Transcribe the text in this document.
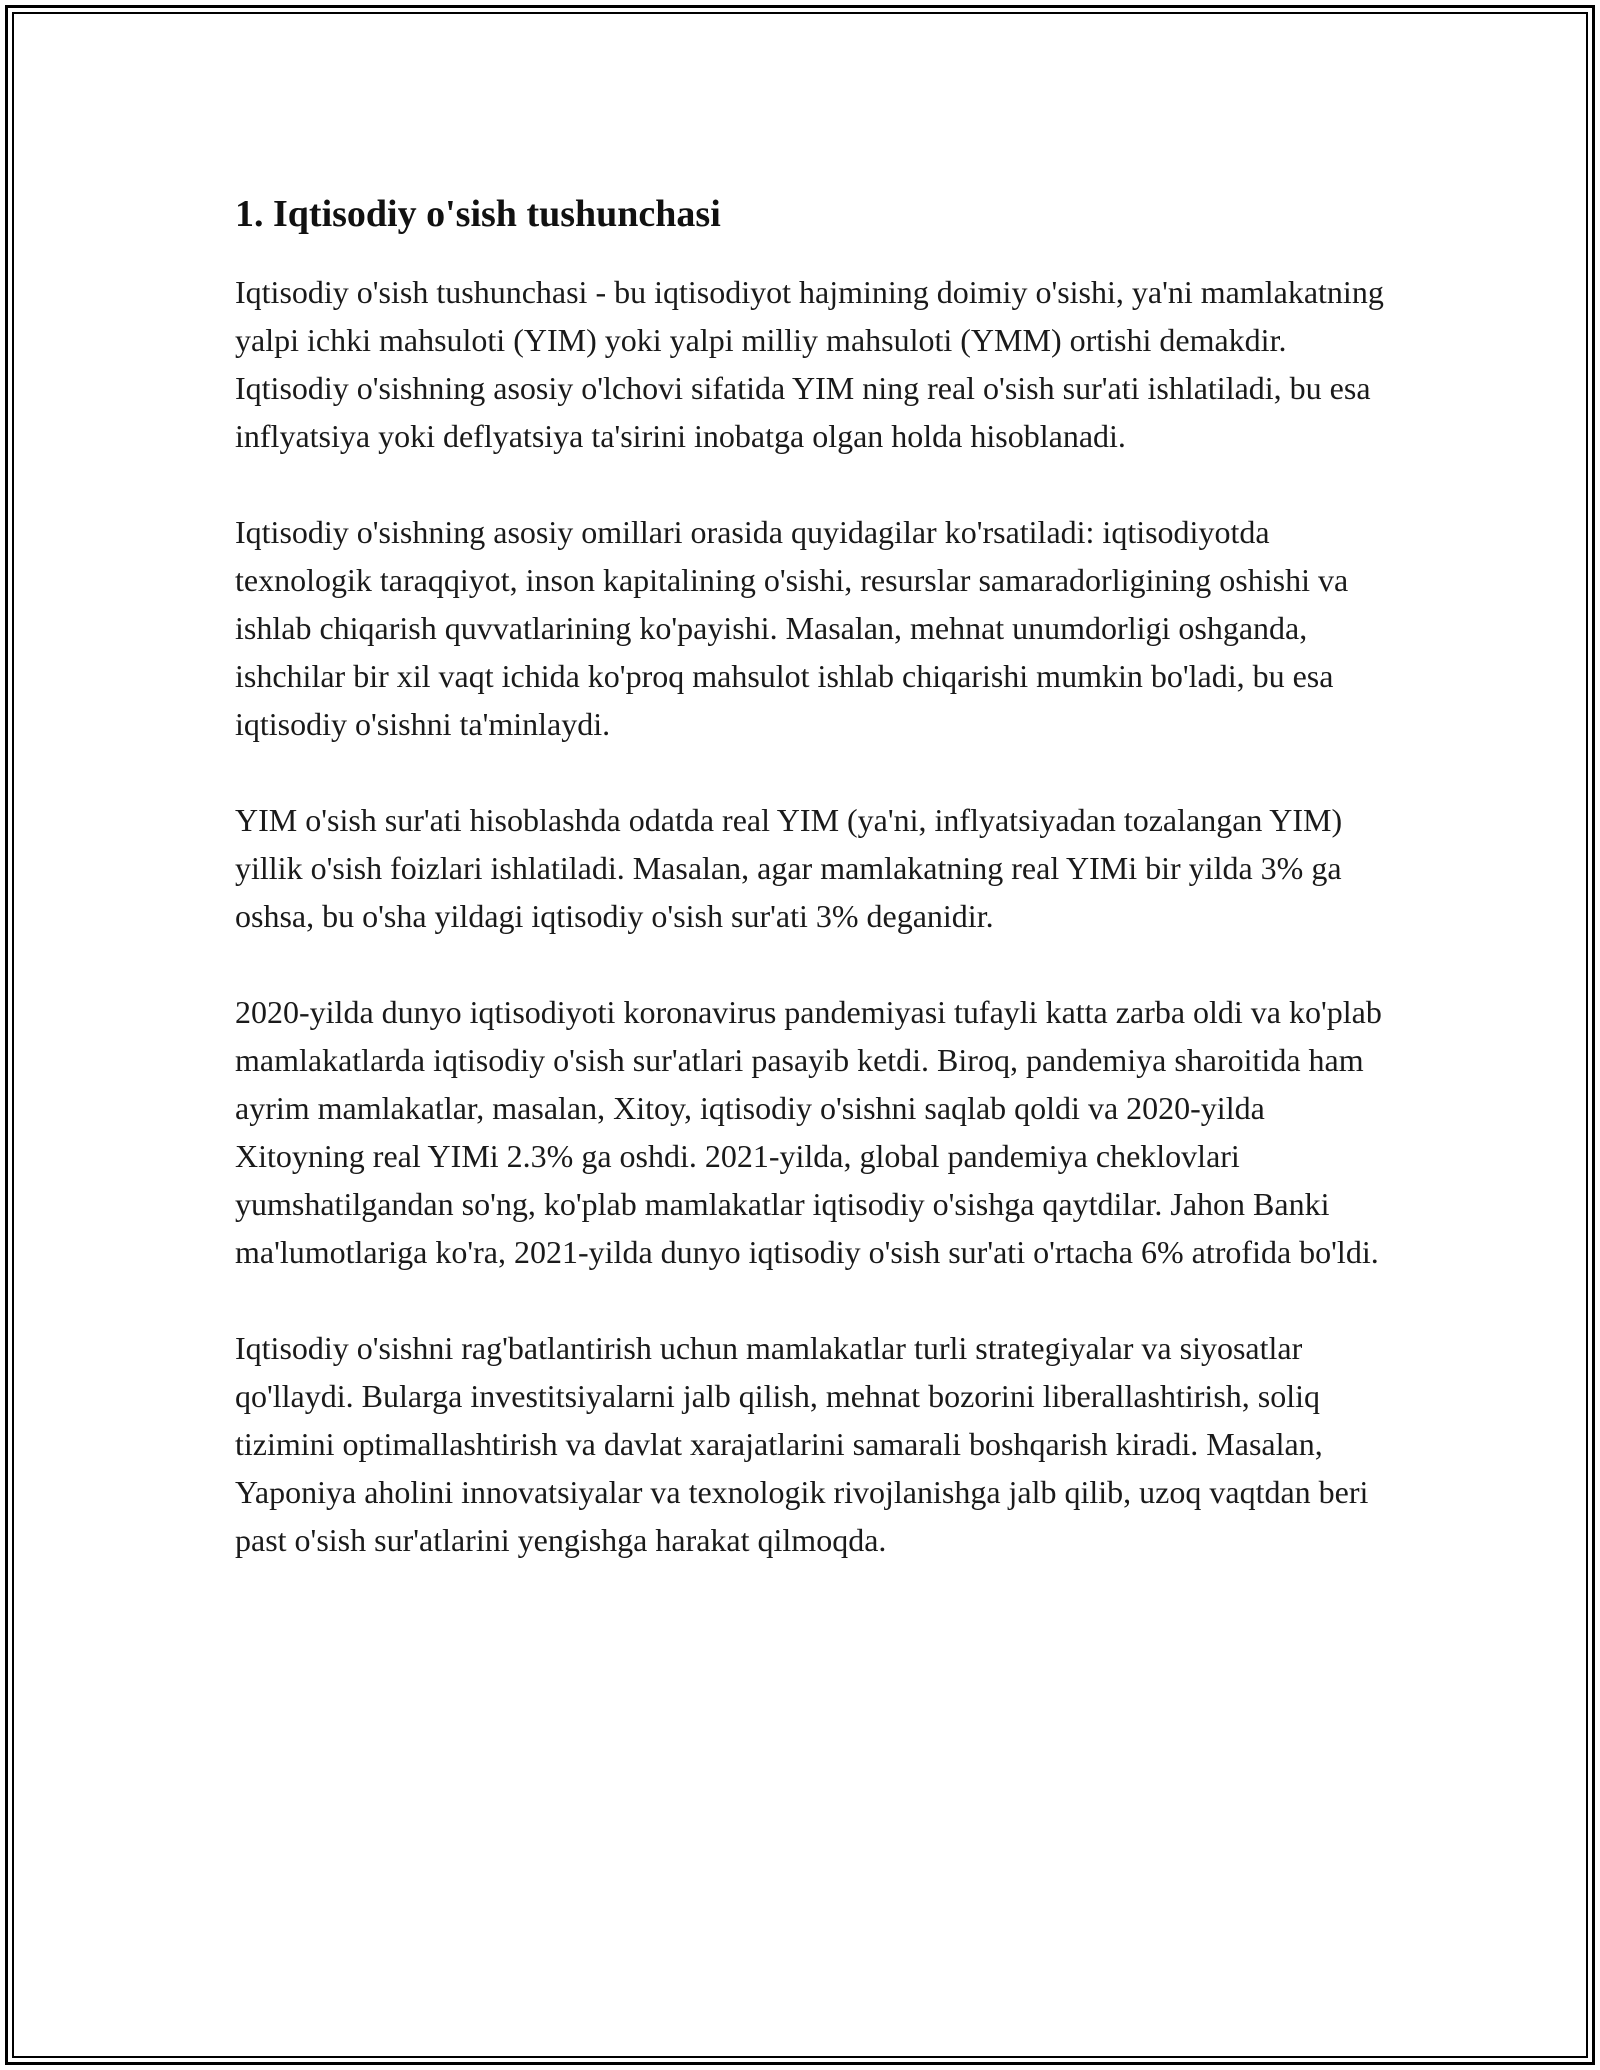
1. Iqtisodiy o'sish tushunchasi

Iqtisodiy o'sish tushunchasi - bu iqtisodiyot hajmining doimiy o'sishi, ya'ni mamlakatning yalpi ichki mahsuloti (YIM) yoki yalpi milliy mahsuloti (YMM) ortishi demakdir. Iqtisodiy o'sishning asosiy o'lchovi sifatida YIM ning real o'sish sur'ati ishlatiladi, bu esa inflyatsiya yoki deflyatsiya ta'sirini inobatga olgan holda hisoblanadi.

Iqtisodiy o'sishning asosiy omillari orasida quyidagilar ko'rsatiladi: iqtisodiyotda texnologik taraqqiyot, inson kapitalining o'sishi, resurslar samaradorligining oshishi va ishlab chiqarish quvvatlarining ko'payishi. Masalan, mehnat unumdorligi oshganda, ishchilar bir xil vaqt ichida ko'proq mahsulot ishlab chiqarishi mumkin bo'ladi, bu esa iqtisodiy o'sishni ta'minlaydi.

YIM o'sish sur'ati hisoblashda odatda real YIM (ya'ni, inflyatsiyadan tozalangan YIM) yillik o'sish foizlari ishlatiladi. Masalan, agar mamlakatning real YIMi bir yilda 3% ga oshsa, bu o'sha yildagi iqtisodiy o'sish sur'ati 3% deganidir.

2020-yilda dunyo iqtisodiyoti koronavirus pandemiyasi tufayli katta zarba oldi va ko'plab mamlakatlarda iqtisodiy o'sish sur'atlari pasayib ketdi. Biroq, pandemiya sharoitida ham ayrim mamlakatlar, masalan, Xitoy, iqtisodiy o'sishni saqlab qoldi va 2020-yilda Xitoyning real YIMi 2.3% ga oshdi. 2021-yilda, global pandemiya cheklovlari yumshatilgandan so'ng, ko'plab mamlakatlar iqtisodiy o'sishga qaytdilar. Jahon Banki ma'lumotlariga ko'ra, 2021-yilda dunyo iqtisodiy o'sish sur'ati o'rtacha 6% atrofida bo'ldi.

Iqtisodiy o'sishni rag'batlantirish uchun mamlakatlar turli strategiyalar va siyosatlar qo'llaydi. Bularga investitsiyalarni jalb qilish, mehnat bozorini liberallashtirish, soliq tizimini optimallashtirish va davlat xarajatlarini samarali boshqarish kiradi. Masalan, Yaponiya aholini innovatsiyalar va texnologik rivojlanishga jalb qilib, uzoq vaqtdan beri past o'sish sur'atlarini yengishga harakat qilmoqda.
